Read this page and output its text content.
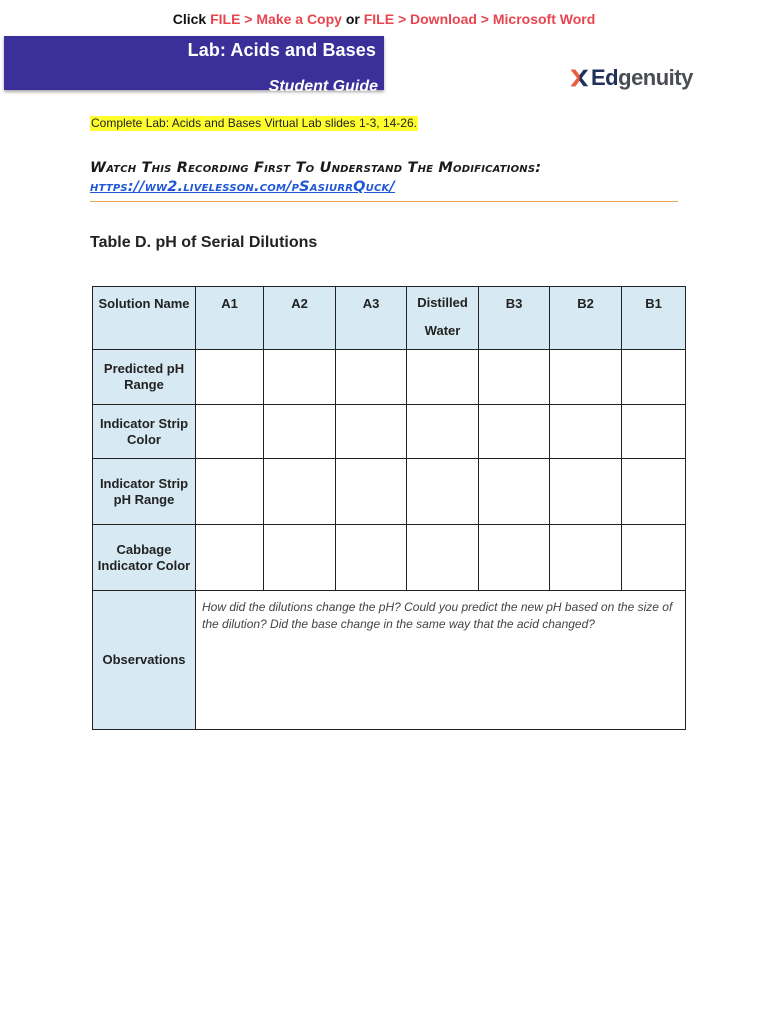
Click FILE > Make a Copy or FILE > Download > Microsoft Word
Lab: Acids and Bases
Student Guide	Edgenuity
Complete Lab: Acids and Bases Virtual Lab slides 1-3, 14-26.
Watch This Recording First To Understand The Modifications:
https://ww2.livelesson.com/pSasiurrQuck/
Table D. pH of Serial Dilutions
Solution Name	A1	A2	A3	Distilled Water	B3	B2	B1
Predicted pH Range							
Indicator Strip Color							
Indicator Strip pH Range							
Cabbage Indicator Color							
Observations	How did the dilutions change the pH? Could you predict the new pH based on the size of the dilution? Did the base change in the same way that the acid changed?						
